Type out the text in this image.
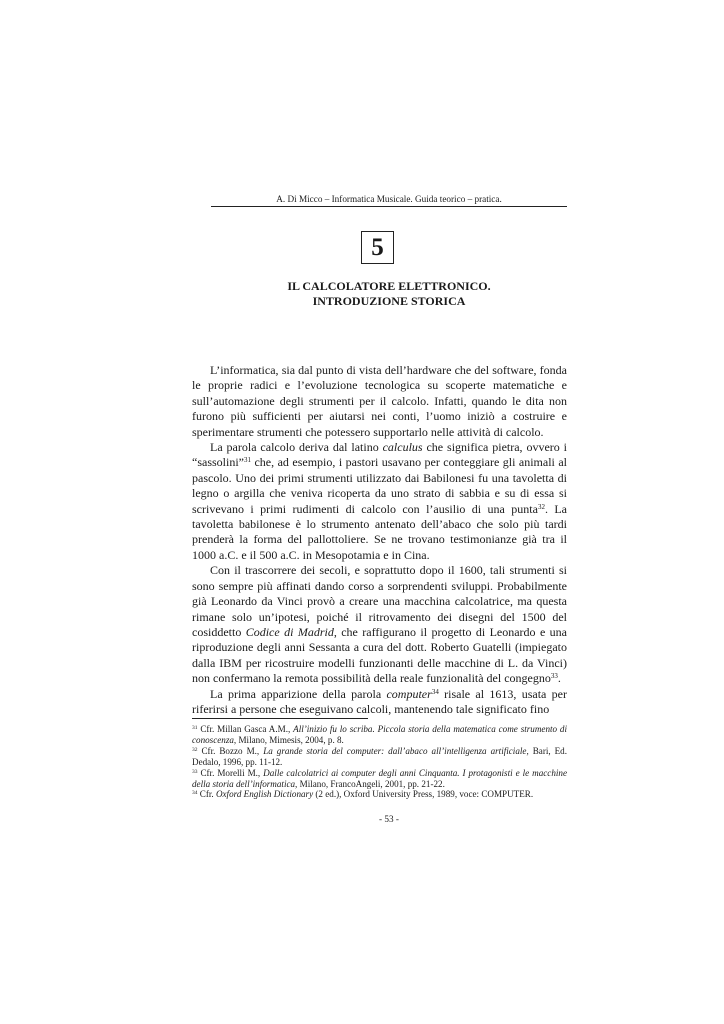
A. Di Micco – Informatica Musicale. Guida teorico – pratica.
5
IL CALCOLATORE ELETTRONICO.
INTRODUZIONE STORICA

L’informatica, sia dal punto di vista dell’hardware che del software, fonda le proprie radici e l’evoluzione tecnologica su scoperte matematiche e sull’automazione degli strumenti per il calcolo. Infatti, quando le dita non furono più sufficienti per aiutarsi nei conti, l’uomo iniziò a costruire e sperimentare strumenti che potessero supportarlo nelle attività di calcolo.

La parola calcolo deriva dal latino calculus che significa pietra, ovvero i “sassolini”$^{31}$ che, ad esempio, i pastori usavano per conteggiare gli animali al pascolo. Uno dei primi strumenti utilizzato dai Babilonesi fu una tavoletta di legno o argilla che veniva ricoperta da uno strato di sabbia e su di essa si scrivevano i primi rudimenti di calcolo con l’ausilio di una punta$^{32}$. La tavoletta babilonese è lo strumento antenato dell’abaco che solo più tardi prenderà la forma del pallottoliere. Se ne trovano testimonianze già tra il 1000 a.C. e il 500 a.C. in Mesopotamia e in Cina.

Con il trascorrere dei secoli, e soprattutto dopo il 1600, tali strumenti si sono sempre più affinati dando corso a sorprendenti sviluppi. Probabilmente già Leonardo da Vinci provò a creare una macchina calcolatrice, ma questa rimane solo un’ipotesi, poiché il ritrovamento dei disegni del 1500 del cosiddetto Codice di Madrid, che raffigurano il progetto di Leonardo e una riproduzione degli anni Sessanta a cura del dott. Roberto Guatelli (impiegato dalla IBM per ricostruire modelli funzionanti delle macchine di L. da Vinci) non confermano la remota possibilità della reale funzionalità del congegno$^{33}$.

La prima apparizione della parola computer$^{34}$ risale al 1613, usata per riferirsi a persone che eseguivano calcoli, mantenendo tale significato fino

$^{31}$ Cfr. Millan Gasca A.M., All’inizio fu lo scriba. Piccola storia della matematica come strumento di conoscenza, Milano, Mimesis, 2004, p. 8.

$^{32}$ Cfr. Bozzo M., La grande storia del computer: dall’abaco all’intelligenza artificiale, Bari, Ed. Dedalo, 1996, pp. 11-12.

$^{33}$ Cfr. Morelli M., Dalle calcolatrici ai computer degli anni Cinquanta. I protagonisti e le macchine della storia dell’informatica, Milano, FrancoAngeli, 2001, pp. 21-22.

$^{34}$ Cfr. Oxford English Dictionary (2 ed.), Oxford University Press, 1989, voce: COMPUTER.

- 53 -
